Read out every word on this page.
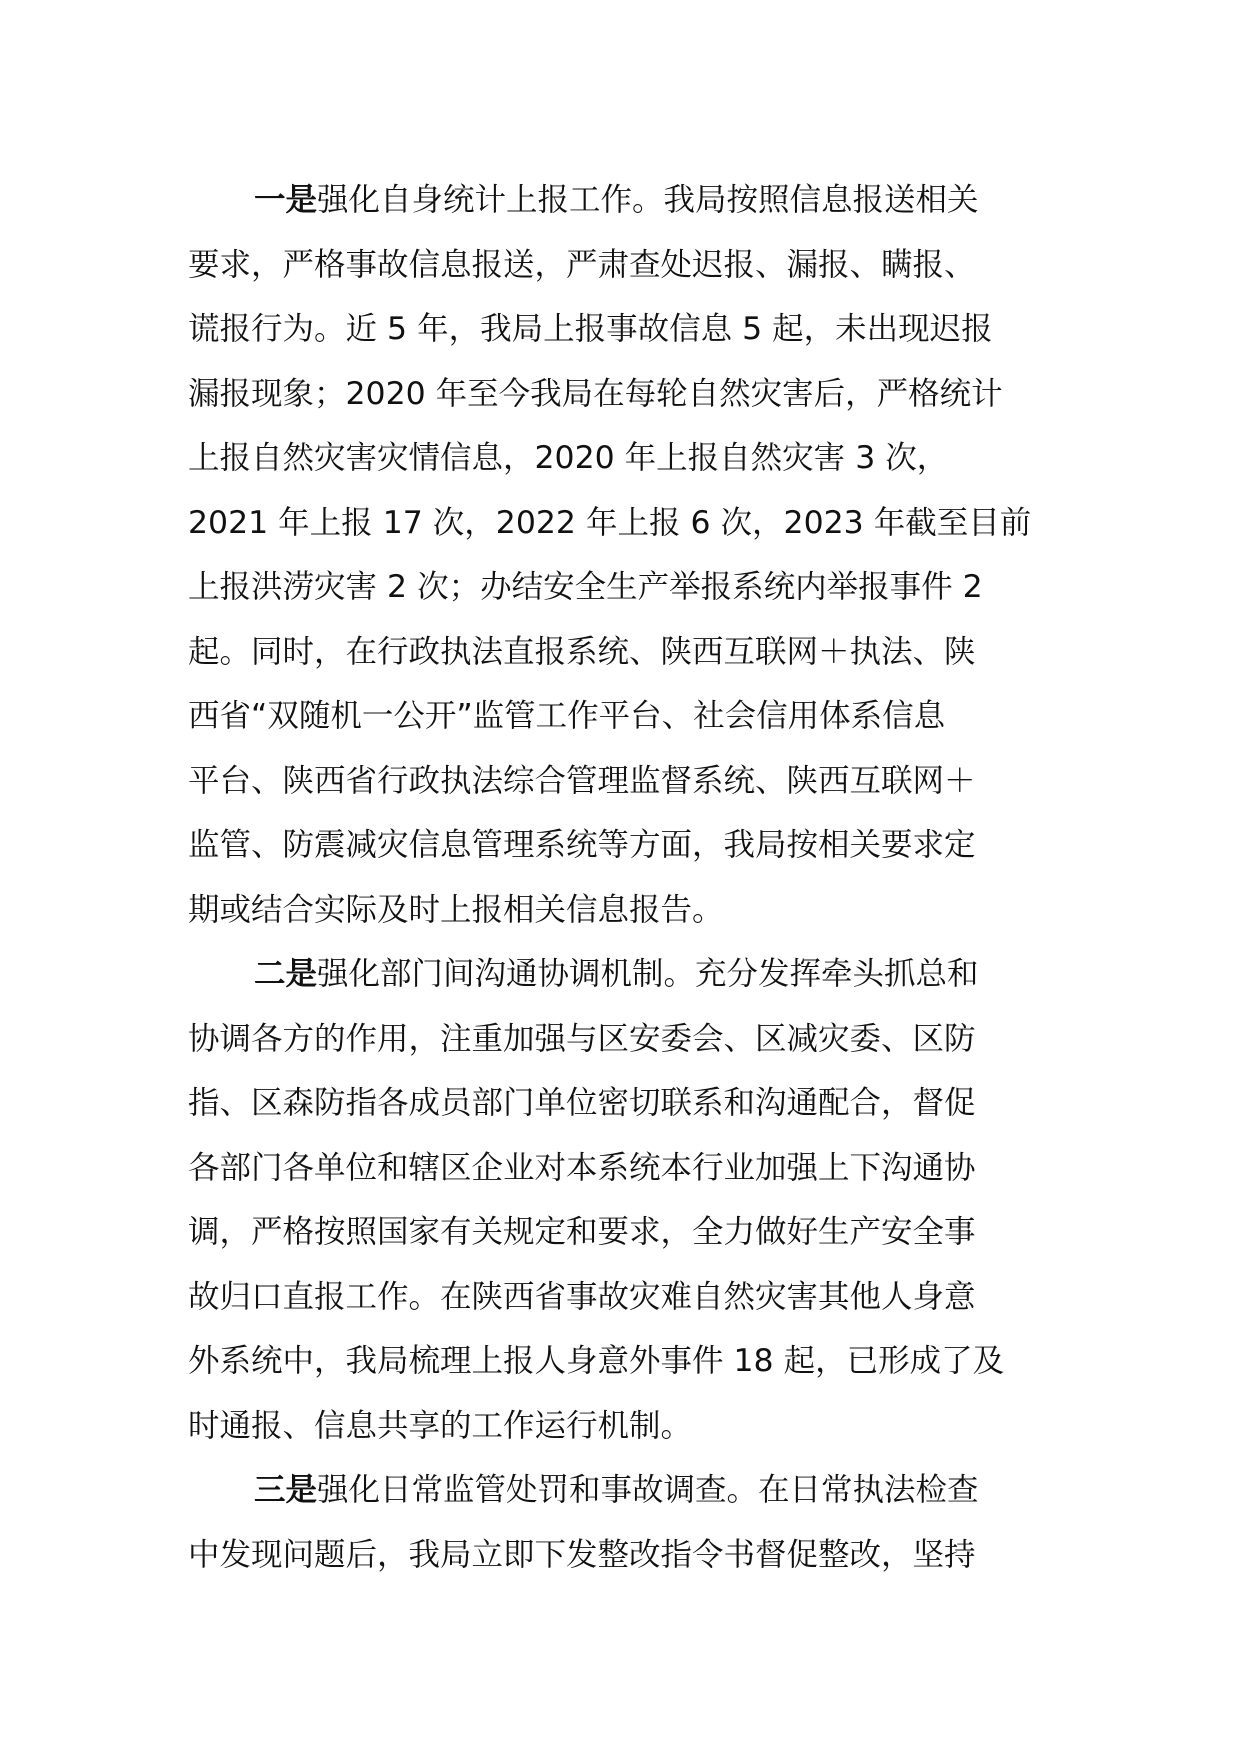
一是强化自身统计上报工作。我局按照信息报送相关
要求，严格事故信息报送，严肃查处迟报、漏报、瞒报、
谎报行为。近 5 年，我局上报事故信息 5 起，未出现迟报
漏报现象；2020 年至今我局在每轮自然灾害后，严格统计
上报自然灾害灾情信息，2020 年上报自然灾害 3 次，
2021 年上报 17 次，2022 年上报 6 次，2023 年截至目前
上报洪涝灾害 2 次；办结安全生产举报系统内举报事件 2
起。同时，在行政执法直报系统、陕西互联网＋执法、陕
西省“双随机一公开”监管工作平台、社会信用体系信息
平台、陕西省行政执法综合管理监督系统、陕西互联网＋
监管、防震减灾信息管理系统等方面，我局按相关要求定
期或结合实际及时上报相关信息报告。
二是强化部门间沟通协调机制。充分发挥牵头抓总和
协调各方的作用，注重加强与区安委会、区减灾委、区防
指、区森防指各成员部门单位密切联系和沟通配合，督促
各部门各单位和辖区企业对本系统本行业加强上下沟通协
调，严格按照国家有关规定和要求，全力做好生产安全事
故归口直报工作。在陕西省事故灾难自然灾害其他人身意
外系统中，我局梳理上报人身意外事件 18 起，已形成了及
时通报、信息共享的工作运行机制。
三是强化日常监管处罚和事故调查。在日常执法检查
中发现问题后，我局立即下发整改指令书督促整改，坚持
